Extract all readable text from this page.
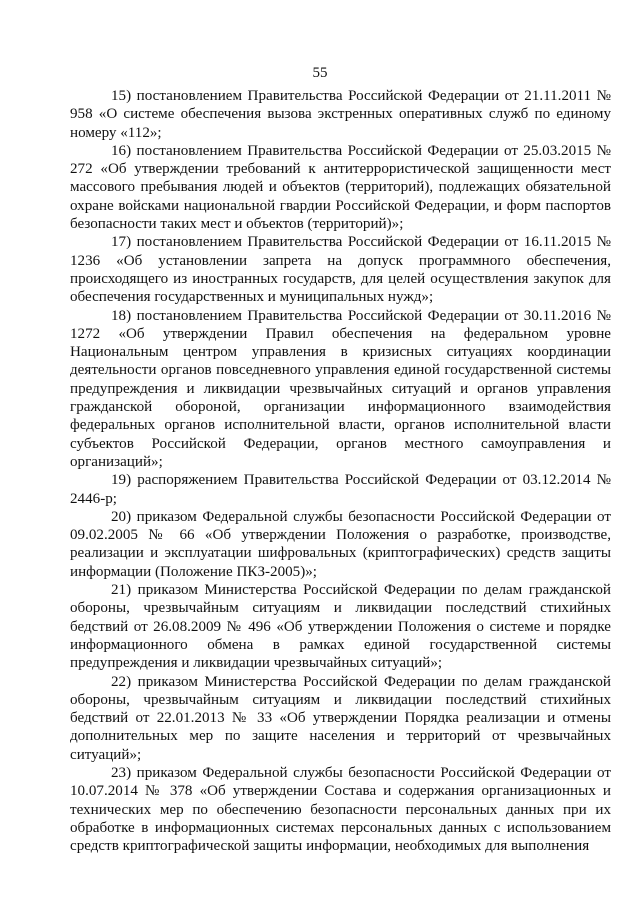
55

15) постановлением Правительства Российской Федерации от 21.11.2011 № 958 «О системе обеспечения вызова экстренных оперативных служб по единому номеру «112»;

16) постановлением Правительства Российской Федерации от 25.03.2015 № 272 «Об утверждении требований к антитеррористической защищенности мест массового пребывания людей и объектов (территорий), подлежащих обязательной охране войсками национальной гвардии Российской Федерации, и форм паспортов безопасности таких мест и объектов (территорий)»;

17) постановлением Правительства Российской Федерации от 16.11.2015 № 1236 «Об установлении запрета на допуск программного обеспечения, происходящего из иностранных государств, для целей осуществления закупок для обеспечения государственных и муниципальных нужд»;

18) постановлением Правительства Российской Федерации от 30.11.2016 № 1272 «Об утверждении Правил обеспечения на федеральном уровне Национальным центром управления в кризисных ситуациях координации деятельности органов повседневного управления единой государственной системы предупреждения и ликвидации чрезвычайных ситуаций и органов управления гражданской обороной, организации информационного взаимодействия федеральных органов исполнительной власти, органов исполнительной власти субъектов Российской Федерации, органов местного самоуправления и организаций»;

19) распоряжением Правительства Российской Федерации от 03.12.2014 № 2446-р;

20) приказом Федеральной службы безопасности Российской Федерации от 09.02.2005 № 66 «Об утверждении Положения о разработке, производстве, реализации и эксплуатации шифровальных (криптографических) средств защиты информации (Положение ПКЗ-2005)»;

21) приказом Министерства Российской Федерации по делам гражданской обороны, чрезвычайным ситуациям и ликвидации последствий стихийных бедствий от 26.08.2009 № 496 «Об утверждении Положения о системе и порядке информационного обмена в рамках единой государственной системы предупреждения и ликвидации чрезвычайных ситуаций»;

22) приказом Министерства Российской Федерации по делам гражданской обороны, чрезвычайным ситуациям и ликвидации последствий стихийных бедствий от 22.01.2013 № 33 «Об утверждении Порядка реализации и отмены дополнительных мер по защите населения и территорий от чрезвычайных ситуаций»;

23) приказом Федеральной службы безопасности Российской Федерации от 10.07.2014 № 378 «Об утверждении Состава и содержания организационных и технических мер по обеспечению безопасности персональных данных при их обработке в информационных системах персональных данных с использованием средств криптографической защиты информации, необходимых для выполнения
